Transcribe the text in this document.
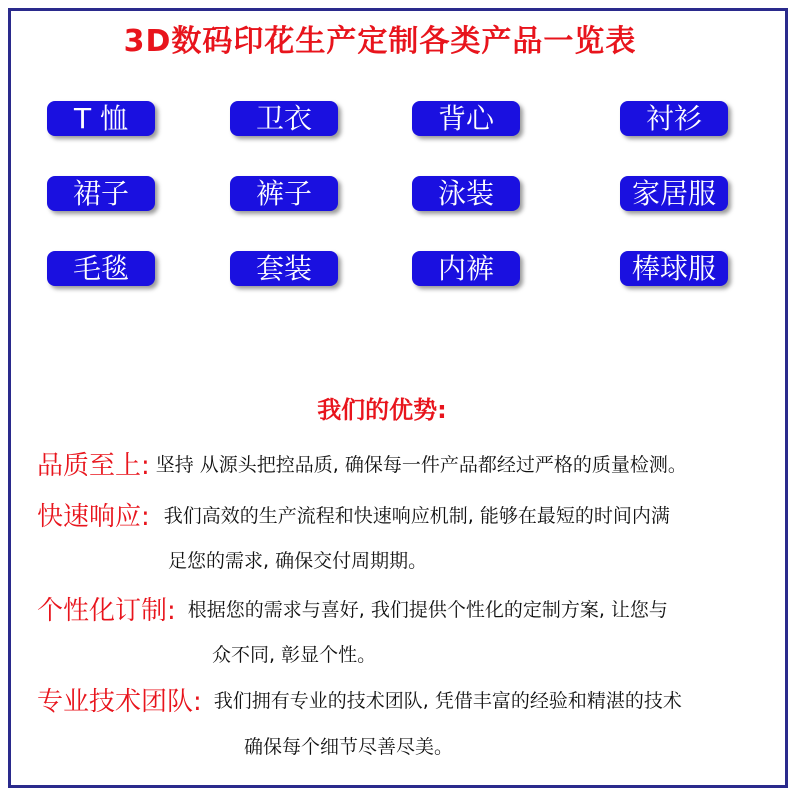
3D数码印花生产定制各类产品一览表
T 恤	卫衣	背心	衬衫
裙子	裤子	泳装	家居服
毛毯	套装	内裤	棒球服
我们的优势:
品质至上: 坚持 从源头把控品质, 确保每一件产品都经过严格的质量检测。
快速响应: 我们高效的生产流程和快速响应机制, 能够在最短的时间内满
足您的需求, 确保交付周期期。
个性化订制: 根据您的需求与喜好, 我们提供个性化的定制方案, 让您与
众不同, 彰显个性。
专业技术团队: 我们拥有专业的技术团队, 凭借丰富的经验和精湛的技术
确保每个细节尽善尽美。
